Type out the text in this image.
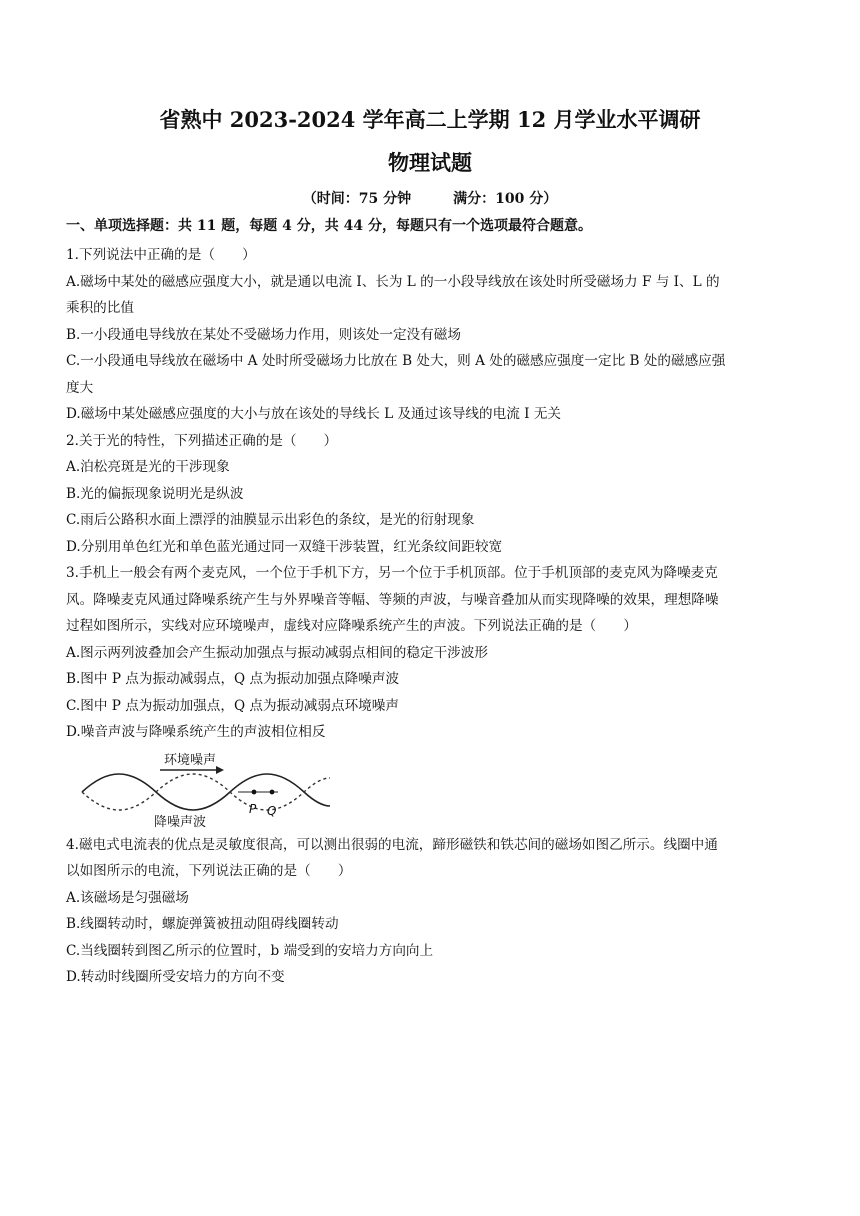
省熟中 2023-2024 学年高二上学期 12 月学业水平调研
物理试题
（时间：75 分钟	满分：100 分）
一、单项选择题：共 11 题，每题 4 分，共 44 分，每题只有一个选项最符合题意。
1.下列说法中正确的是（　　）
A.磁场中某处的磁感应强度大小，就是通以电流 I、长为 L 的一小段导线放在该处时所受磁场力 F 与 I、L 的
乘积的比值
B.一小段通电导线放在某处不受磁场力作用，则该处一定没有磁场
C.一小段通电导线放在磁场中 A 处时所受磁场力比放在 B 处大，则 A 处的磁感应强度一定比 B 处的磁感应强
度大
D.磁场中某处磁感应强度的大小与放在该处的导线长 L 及通过该导线的电流 I 无关
2.关于光的特性，下列描述正确的是（　　）
A.泊松亮斑是光的干涉现象
B.光的偏振现象说明光是纵波
C.雨后公路积水面上漂浮的油膜显示出彩色的条纹，是光的衍射现象
D.分别用单色红光和单色蓝光通过同一双缝干涉装置，红光条纹间距较宽
3.手机上一般会有两个麦克风，一个位于手机下方，另一个位于手机顶部。位于手机顶部的麦克风为降噪麦克
风。降噪麦克风通过降噪系统产生与外界噪音等幅、等频的声波，与噪音叠加从而实现降噪的效果，理想降噪
过程如图所示，实线对应环境噪声，虚线对应降噪系统产生的声波。下列说法正确的是（　　）
A.图示两列波叠加会产生振动加强点与振动减弱点相间的稳定干涉波形
B.图中 P 点为振动减弱点，Q 点为振动加强点降噪声波
C.图中 P 点为振动加强点，Q 点为振动减弱点环境噪声
D.噪音声波与降噪系统产生的声波相位相反
环境噪声
降噪声波
P Q
4.磁电式电流表的优点是灵敏度很高，可以测出很弱的电流，蹄形磁铁和铁芯间的磁场如图乙所示。线圈中通
以如图所示的电流，下列说法正确的是（　　）
A.该磁场是匀强磁场
B.线圈转动时，螺旋弹簧被扭动阻碍线圈转动
C.当线圈转到图乙所示的位置时，b 端受到的安培力方向向上
D.转动时线圈所受安培力的方向不变
